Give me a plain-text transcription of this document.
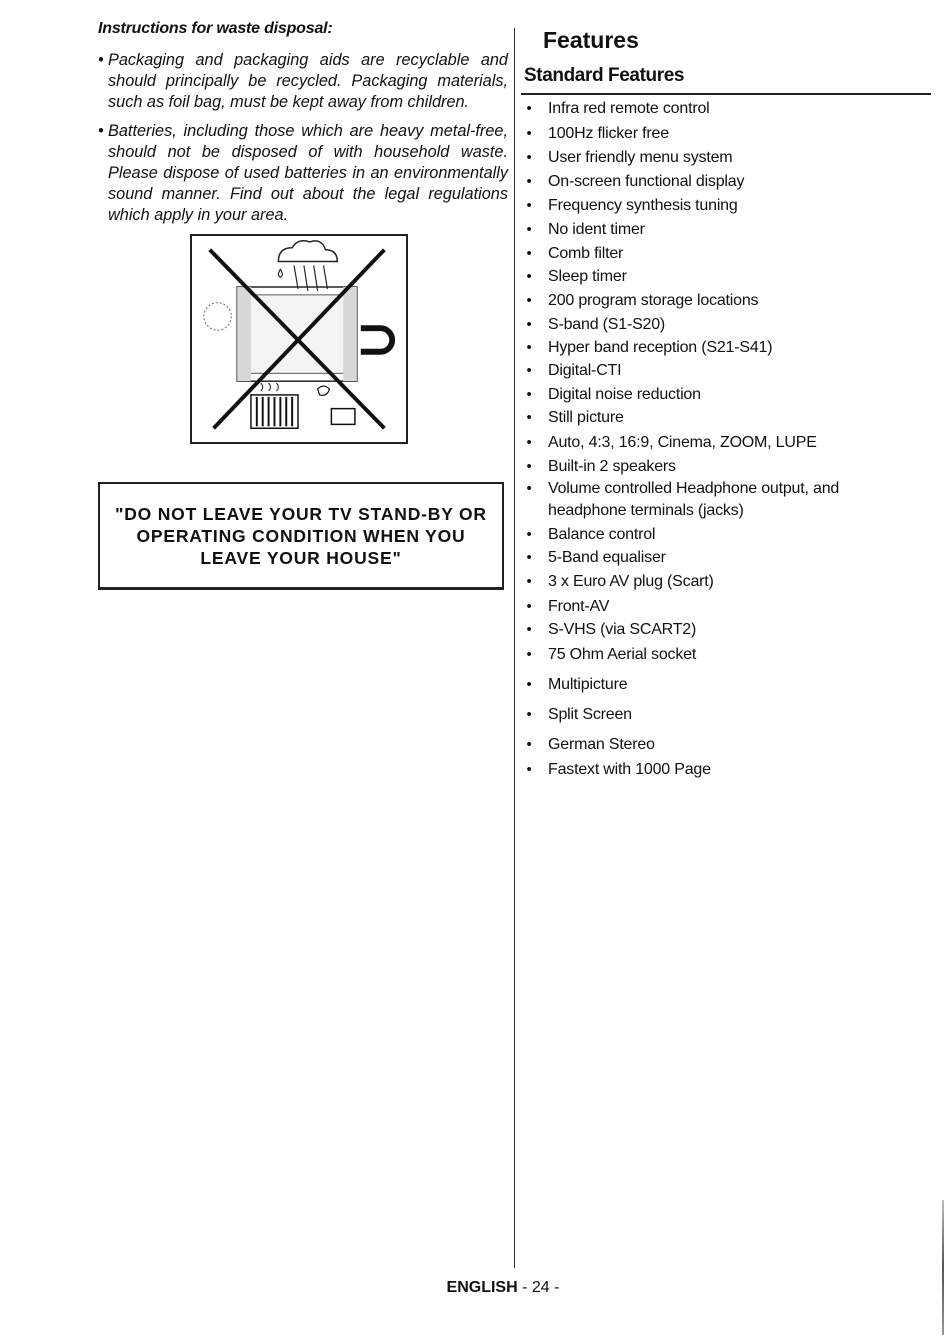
Instructions for waste disposal:

• Packaging and packaging aids are recyclable and should principally be recycled. Packaging materials, such as foil bag, must be kept away from children.

• Batteries, including those which are heavy metal-free, should not be disposed of with household waste. Please dispose of used batteries in an environmentally sound manner. Find out about the legal regulations which apply in your area.

"DO NOT LEAVE YOUR TV STAND-BY OR OPERATING CONDITION WHEN YOU LEAVE YOUR HOUSE"
Features
Standard Features
• Infra red remote control
• 100Hz flicker free
• User friendly menu system
• On-screen functional display
• Frequency synthesis tuning
• No ident timer
• Comb filter
• Sleep timer
• 200 program storage locations
• S-band (S1-S20)
• Hyper band reception (S21-S41)
• Digital-CTI
• Digital noise reduction
• Still picture
• Auto, 4:3, 16:9, Cinema, ZOOM, LUPE
• Built-in 2 speakers
• Volume controlled Headphone output, and headphone terminals (jacks)
• Balance control
• 5-Band equaliser
• 3 x Euro AV plug (Scart)
• Front-AV
• S-VHS (via SCART2)
• 75 Ohm Aerial socket
• Multipicture
• Split Screen
• German Stereo
• Fastext with 1000 Page
ENGLISH - 24 -
